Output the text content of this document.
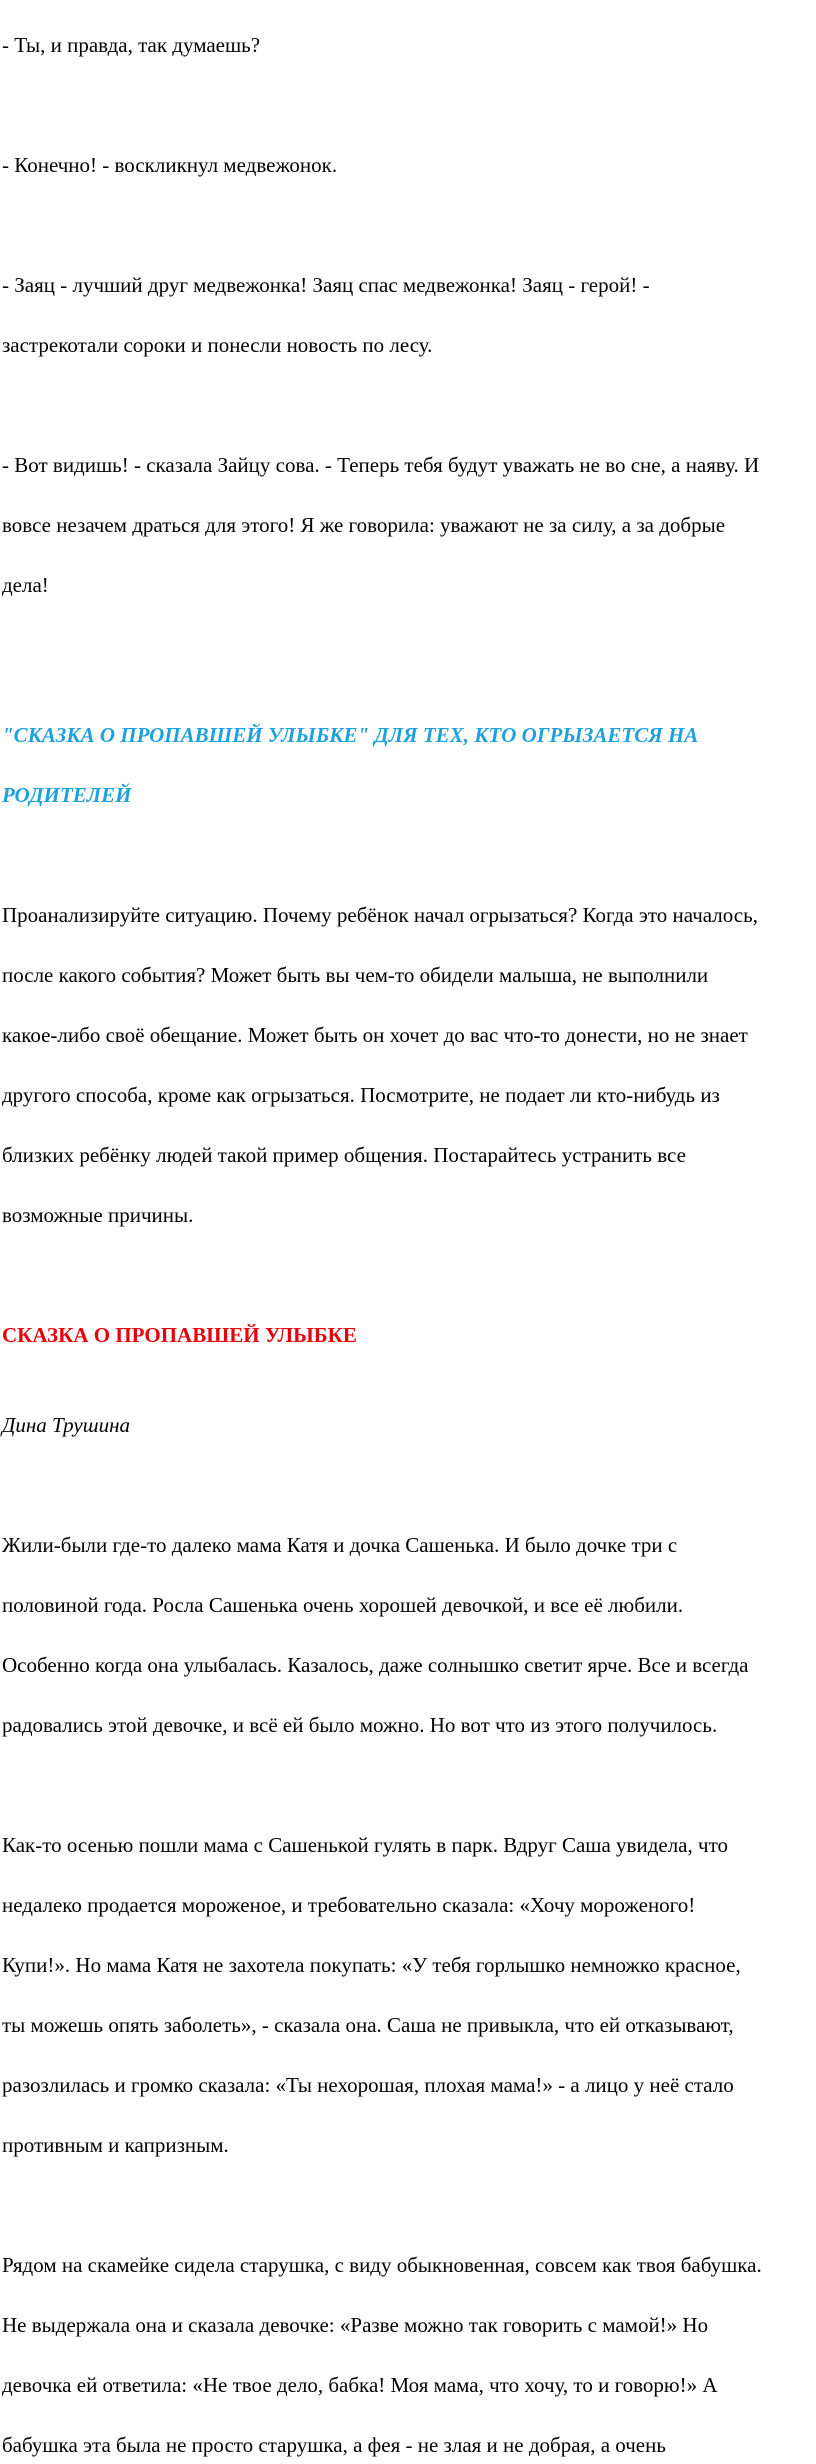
- Ты, и правда, так думаешь?

- Конечно! - воскликнул медвежонок.

- Заяц - лучший друг медвежонка! Заяц спас медвежонка! Заяц - герой! -

застрекотали сороки и понесли новость по лесу.

- Вот видишь! - сказала Зайцу сова. - Теперь тебя будут уважать не во сне, а наяву. И

вовсе незачем драться для этого! Я же говорила: уважают не за силу, а за добрые

дела!

"СКАЗКА О ПРОПАВШЕЙ УЛЫБКЕ" ДЛЯ ТЕХ, КТО ОГРЫЗАЕТСЯ НА

РОДИТЕЛЕЙ

Проанализируйте ситуацию. Почему ребёнок начал огрызаться? Когда это началось,

после какого события? Может быть вы чем-то обидели малыша, не выполнили

какое-либо своё обещание. Может быть он хочет до вас что-то донести, но не знает

другого способа, кроме как огрызаться. Посмотрите, не подает ли кто-нибудь из

близких ребёнку людей такой пример общения. Постарайтесь устранить все

возможные причины.

СКАЗКА О ПРОПАВШЕЙ УЛЫБКЕ

Дина Трушина

Жили-были где-то далеко мама Катя и дочка Сашенька. И было дочке три с

половиной года. Росла Сашенька очень хорошей девочкой, и все её любили.

Особенно когда она улыбалась. Казалось, даже солнышко светит ярче. Все и всегда

радовались этой девочке, и всё ей было можно. Но вот что из этого получилось.

Как-то осенью пошли мама с Сашенькой гулять в парк. Вдруг Саша увидела, что

недалеко продается мороженое, и требовательно сказала: «Хочу мороженого!

Купи!». Но мама Катя не захотела покупать: «У тебя горлышко немножко красное,

ты можешь опять заболеть», - сказала она. Саша не привыкла, что ей отказывают,

разозлилась и громко сказала: «Ты нехорошая, плохая мама!» - а лицо у неё стало

противным и капризным.

Рядом на скамейке сидела старушка, с виду обыкновенная, совсем как твоя бабушка.

Не выдержала она и сказала девочке: «Разве можно так говорить с мамой!» Но

девочка ей ответила: «Не твое дело, бабка! Моя мама, что хочу, то и говорю!» А

бабушка эта была не просто старушка, а фея - не злая и не добрая, а очень
